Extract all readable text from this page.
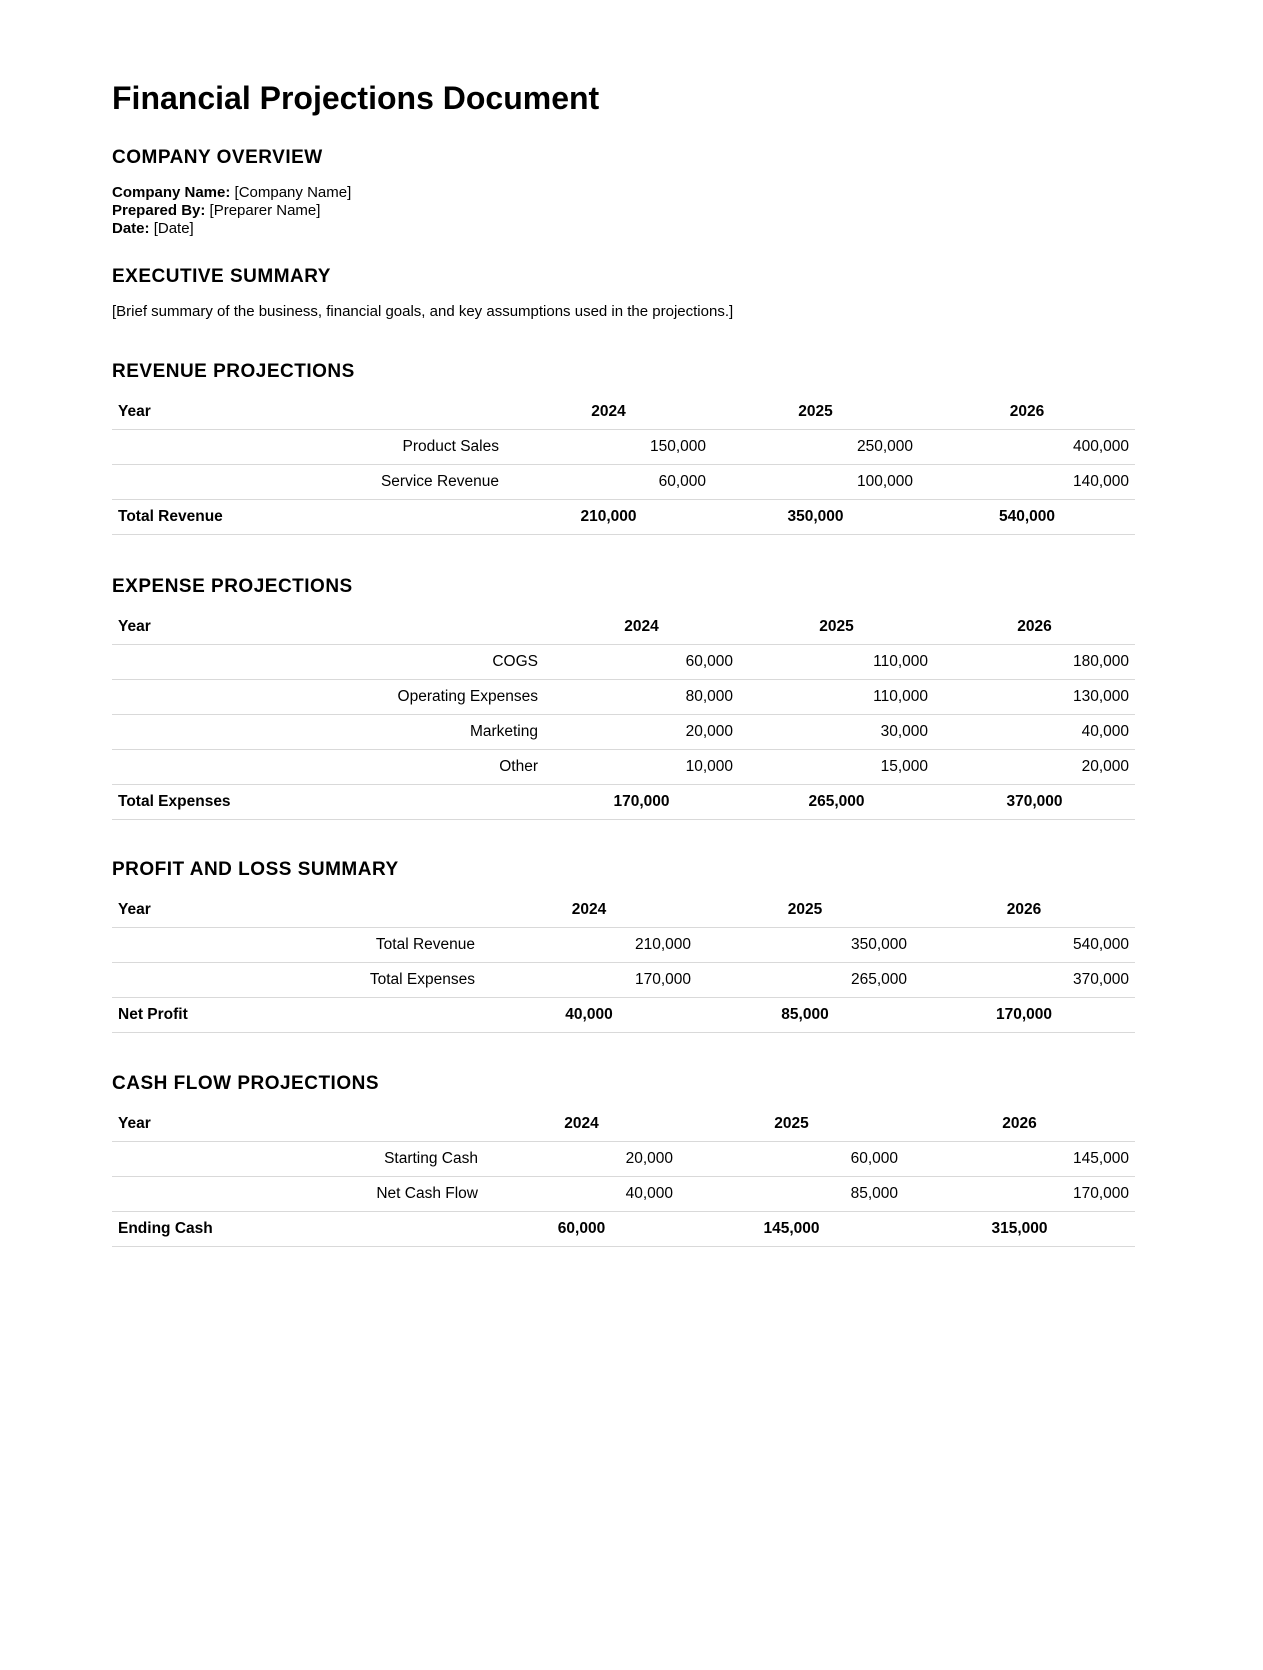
Financial Projections Document
COMPANY OVERVIEW
Company Name: [Company Name]
Prepared By: [Preparer Name]
Date: [Date]
EXECUTIVE SUMMARY
[Brief summary of the business, financial goals, and key assumptions used in the projections.]
REVENUE PROJECTIONS
Year	2024	2025	2026
Product Sales	150,000	250,000	400,000
Service Revenue	60,000	100,000	140,000
Total Revenue	210,000	350,000	540,000
EXPENSE PROJECTIONS
Year	2024	2025	2026
COGS	60,000	110,000	180,000
Operating Expenses	80,000	110,000	130,000
Marketing	20,000	30,000	40,000
Other	10,000	15,000	20,000
Total Expenses	170,000	265,000	370,000
PROFIT AND LOSS SUMMARY
Year	2024	2025	2026
Total Revenue	210,000	350,000	540,000
Total Expenses	170,000	265,000	370,000
Net Profit	40,000	85,000	170,000
CASH FLOW PROJECTIONS
Year	2024	2025	2026
Starting Cash	20,000	60,000	145,000
Net Cash Flow	40,000	85,000	170,000
Ending Cash	60,000	145,000	315,000
